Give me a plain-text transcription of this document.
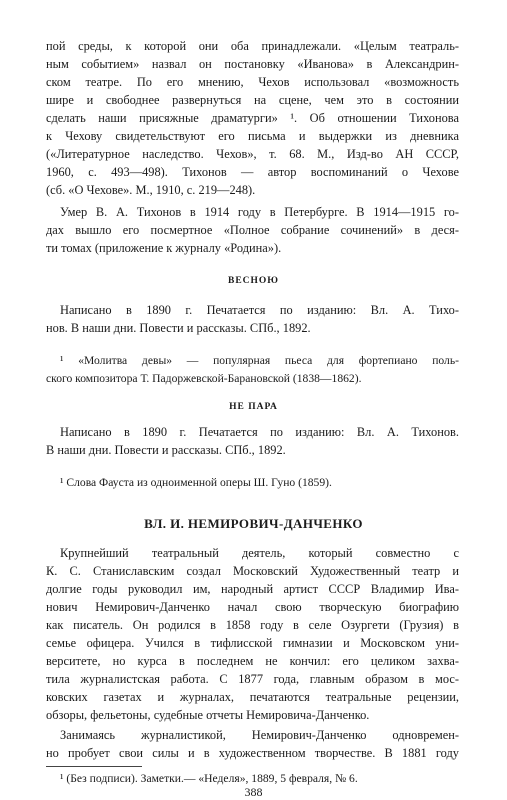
пой среды, к которой они оба принадлежали. «Целым театраль-
ным событием» назвал он постановку «Иванова» в Александрин-
ском театре. По его мнению, Чехов использовал «возможность
шире и свободнее развернуться на сцене, чем это в состоянии
сделать наши присяжные драматурги» ¹. Об отношении Тихонова
к Чехову свидетельствуют его письма и выдержки из дневника
(«Литературное наследство. Чехов», т. 68. М., Изд-во АН СССР,
1960, с. 493—498). Тихонов — автор воспоминаний о Чехове
(сб. «О Чехове». М., 1910, с. 219—248).
Умер В. А. Тихонов в 1914 году в Петербурге. В 1914—1915 го-
дах вышло его посмертное «Полное собрание сочинений» в деся-
ти томах (приложение к журналу «Родина»).
ВЕСНОЮ
Написано в 1890 г. Печатается по изданию: Вл. А. Тихо-
нов. В наши дни. Повести и рассказы. СПб., 1892.
¹ «Молитва девы» — популярная пьеса для фортепиано поль-
ского композитора Т. Падоржевской-Барановской (1838—1862).
НЕ ПАРА
Написано в 1890 г. Печатается по изданию: Вл. А. Тихонов.
В наши дни. Повести и рассказы. СПб., 1892.
¹ Слова Фауста из одноименной оперы Ш. Гуно (1859).
ВЛ. И. НЕМИРОВИЧ-ДАНЧЕНКО
Крупнейший театральный деятель, который совместно с
К. С. Станиславским создал Московский Художественный театр и
долгие годы руководил им, народный артист СССР Владимир Ива-
нович Немирович-Данченко начал свою творческую биографию
как писатель. Он родился в 1858 году в селе Озургети (Грузия) в
семье офицера. Учился в тифлисской гимназии и Московском уни-
верситете, но курса в последнем не кончил: его целиком захва-
тила журналистская работа. С 1877 года, главным образом в мос-
ковских газетах и журналах, печатаются театральные рецензии,
обзоры, фельетоны, судебные отчеты Немировича-Данченко.
Занимаясь журналистикой, Немирович-Данченко одновремен-
но пробует свои силы и в художественном творчестве. В 1881 году
¹ (Без подписи). Заметки.— «Неделя», 1889, 5 февраля, № 6.
388
